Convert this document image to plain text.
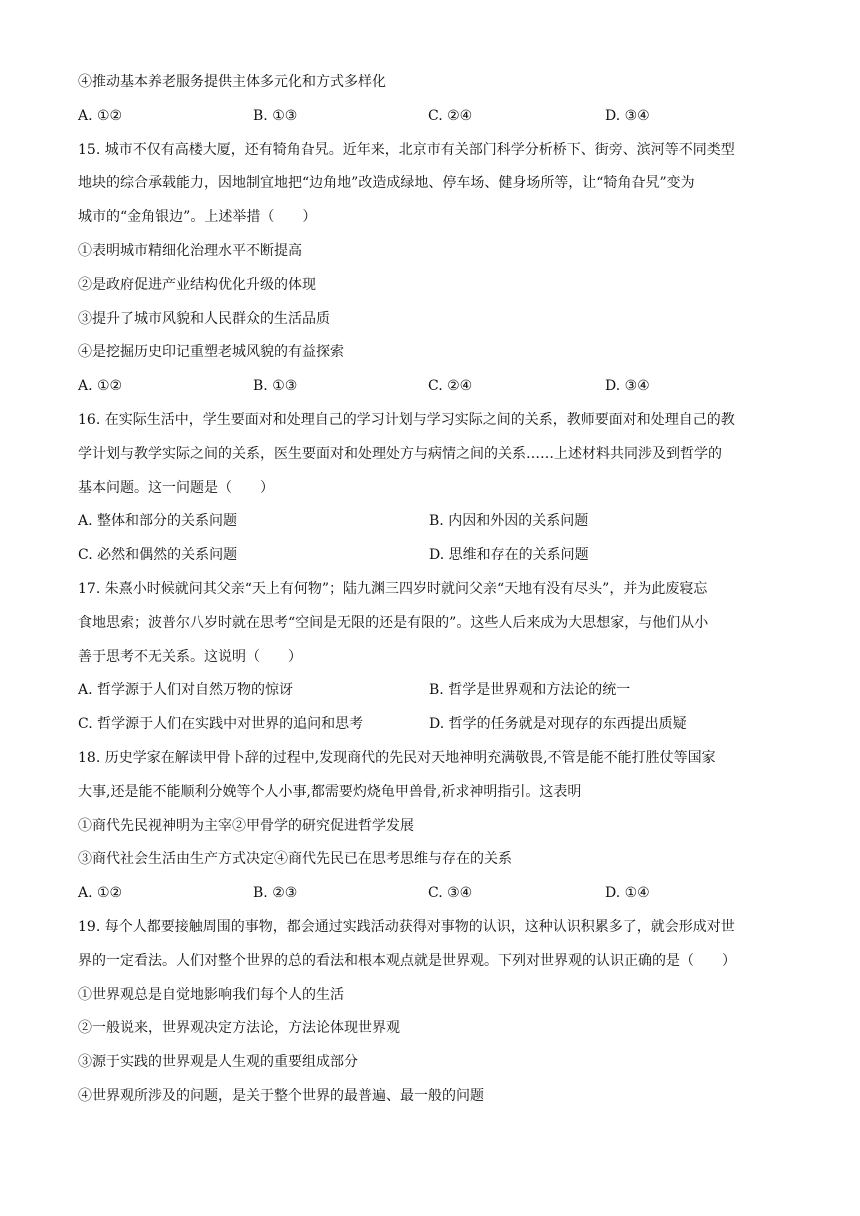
④推动基本养老服务提供主体多元化和方式多样化
A. ①②	B. ①③	C. ②④	D. ③④
15. 城市不仅有高楼大厦，还有犄角旮旯。近年来，北京市有关部门科学分析桥下、街旁、滨河等不同类型
地块的综合承载能力，因地制宜地把“边角地”改造成绿地、停车场、健身场所等，让“犄角旮旯”变为
城市的“金角银边”。上述举措（　　）
①表明城市精细化治理水平不断提高
②是政府促进产业结构优化升级的体现
③提升了城市风貌和人民群众的生活品质
④是挖掘历史印记重塑老城风貌的有益探索
A. ①②	B. ①③	C. ②④	D. ③④
16. 在实际生活中，学生要面对和处理自己的学习计划与学习实际之间的关系，教师要面对和处理自己的教
学计划与教学实际之间的关系，医生要面对和处理处方与病情之间的关系……上述材料共同涉及到哲学的
基本问题。这一问题是（　　）
A. 整体和部分的关系问题	B. 内因和外因的关系问题
C. 必然和偶然的关系问题	D. 思维和存在的关系问题
17. 朱熹小时候就问其父亲“天上有何物”；陆九渊三四岁时就问父亲“天地有没有尽头”，并为此废寝忘
食地思索；波普尔八岁时就在思考“空间是无限的还是有限的”。这些人后来成为大思想家，与他们从小
善于思考不无关系。这说明（　　）
A. 哲学源于人们对自然万物的惊讶	B. 哲学是世界观和方法论的统一
C. 哲学源于人们在实践中对世界的追问和思考	D. 哲学的任务就是对现存的东西提出质疑
18. 历史学家在解读甲骨卜辞的过程中,发现商代的先民对天地神明充满敬畏,不管是能不能打胜仗等国家
大事,还是能不能顺利分娩等个人小事,都需要灼烧龟甲兽骨,祈求神明指引。这表明
①商代先民视神明为主宰②甲骨学的研究促进哲学发展
③商代社会生活由生产方式决定④商代先民已在思考思维与存在的关系
A. ①②	B. ②③	C. ③④	D. ①④
19. 每个人都要接触周围的事物，都会通过实践活动获得对事物的认识，这种认识积累多了，就会形成对世
界的一定看法。人们对整个世界的总的看法和根本观点就是世界观。下列对世界观的认识正确的是（　　）
①世界观总是自觉地影响我们每个人的生活
②一般说来，世界观决定方法论，方法论体现世界观
③源于实践的世界观是人生观的重要组成部分
④世界观所涉及的问题，是关于整个世界的最普遍、最一般的问题
